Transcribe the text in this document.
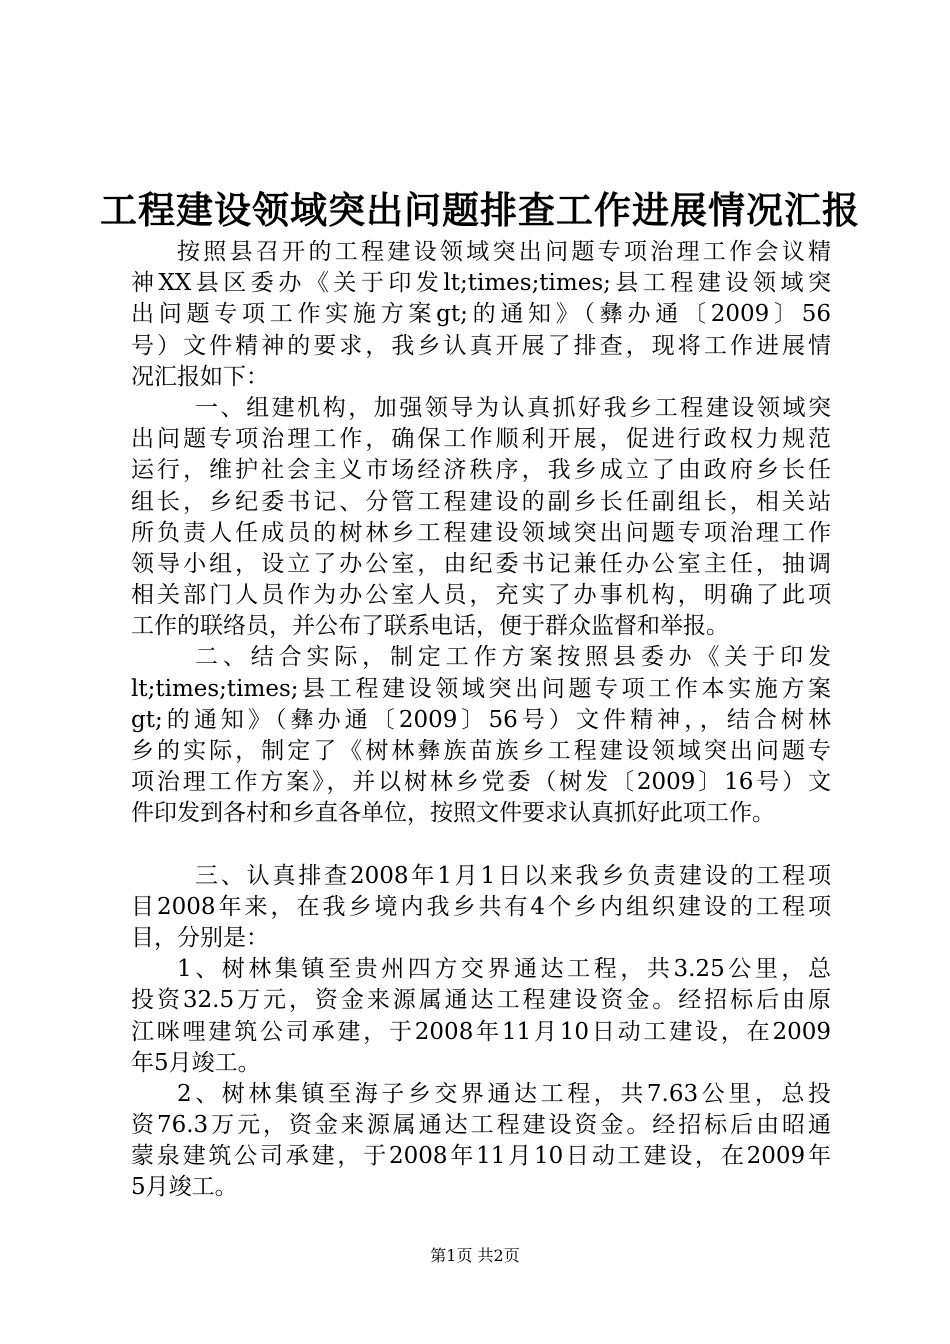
工程建设领域突出问题排查工作进展情况汇报
按照县召开的工程建设领域突出问题专项治理工作会议精
神XX县区委办《关于印发lt;times;times;县工程建设领域突
出问题专项工作实施方案gt;的通知》（彝办通〔2009〕56
号）文件精神的要求，我乡认真开展了排查，现将工作进展情
况汇报如下：
一、组建机构，加强领导为认真抓好我乡工程建设领域突
出问题专项治理工作，确保工作顺利开展，促进行政权力规范
运行，维护社会主义市场经济秩序，我乡成立了由政府乡长任
组长，乡纪委书记、分管工程建设的副乡长任副组长，相关站
所负责人任成员的树林乡工程建设领域突出问题专项治理工作
领导小组，设立了办公室，由纪委书记兼任办公室主任，抽调
相关部门人员作为办公室人员，充实了办事机构，明确了此项
工作的联络员，并公布了联系电话，便于群众监督和举报。
二、结合实际，制定工作方案按照县委办《关于印发
lt;times;times;县工程建设领域突出问题专项工作本实施方案
gt;的通知》（彝办通〔2009〕56号）文件精神，，结合树林
乡的实际，制定了《树林彝族苗族乡工程建设领域突出问题专
项治理工作方案》，并以树林乡党委（树发〔2009〕16号）文
件印发到各村和乡直各单位，按照文件要求认真抓好此项工作。
三、认真排查2008年1月1日以来我乡负责建设的工程项
目2008年来，在我乡境内我乡共有4个乡内组织建设的工程项
目，分别是：
1、树林集镇至贵州四方交界通达工程，共3.25公里，总
投资32.5万元，资金来源属通达工程建设资金。经招标后由原
江咪哩建筑公司承建，于2008年11月10日动工建设，在2009
年5月竣工。
2、树林集镇至海子乡交界通达工程，共7.63公里，总投
资76.3万元，资金来源属通达工程建设资金。经招标后由昭通
蒙泉建筑公司承建，于2008年11月10日动工建设，在2009年
5月竣工。
第1页 共2页
